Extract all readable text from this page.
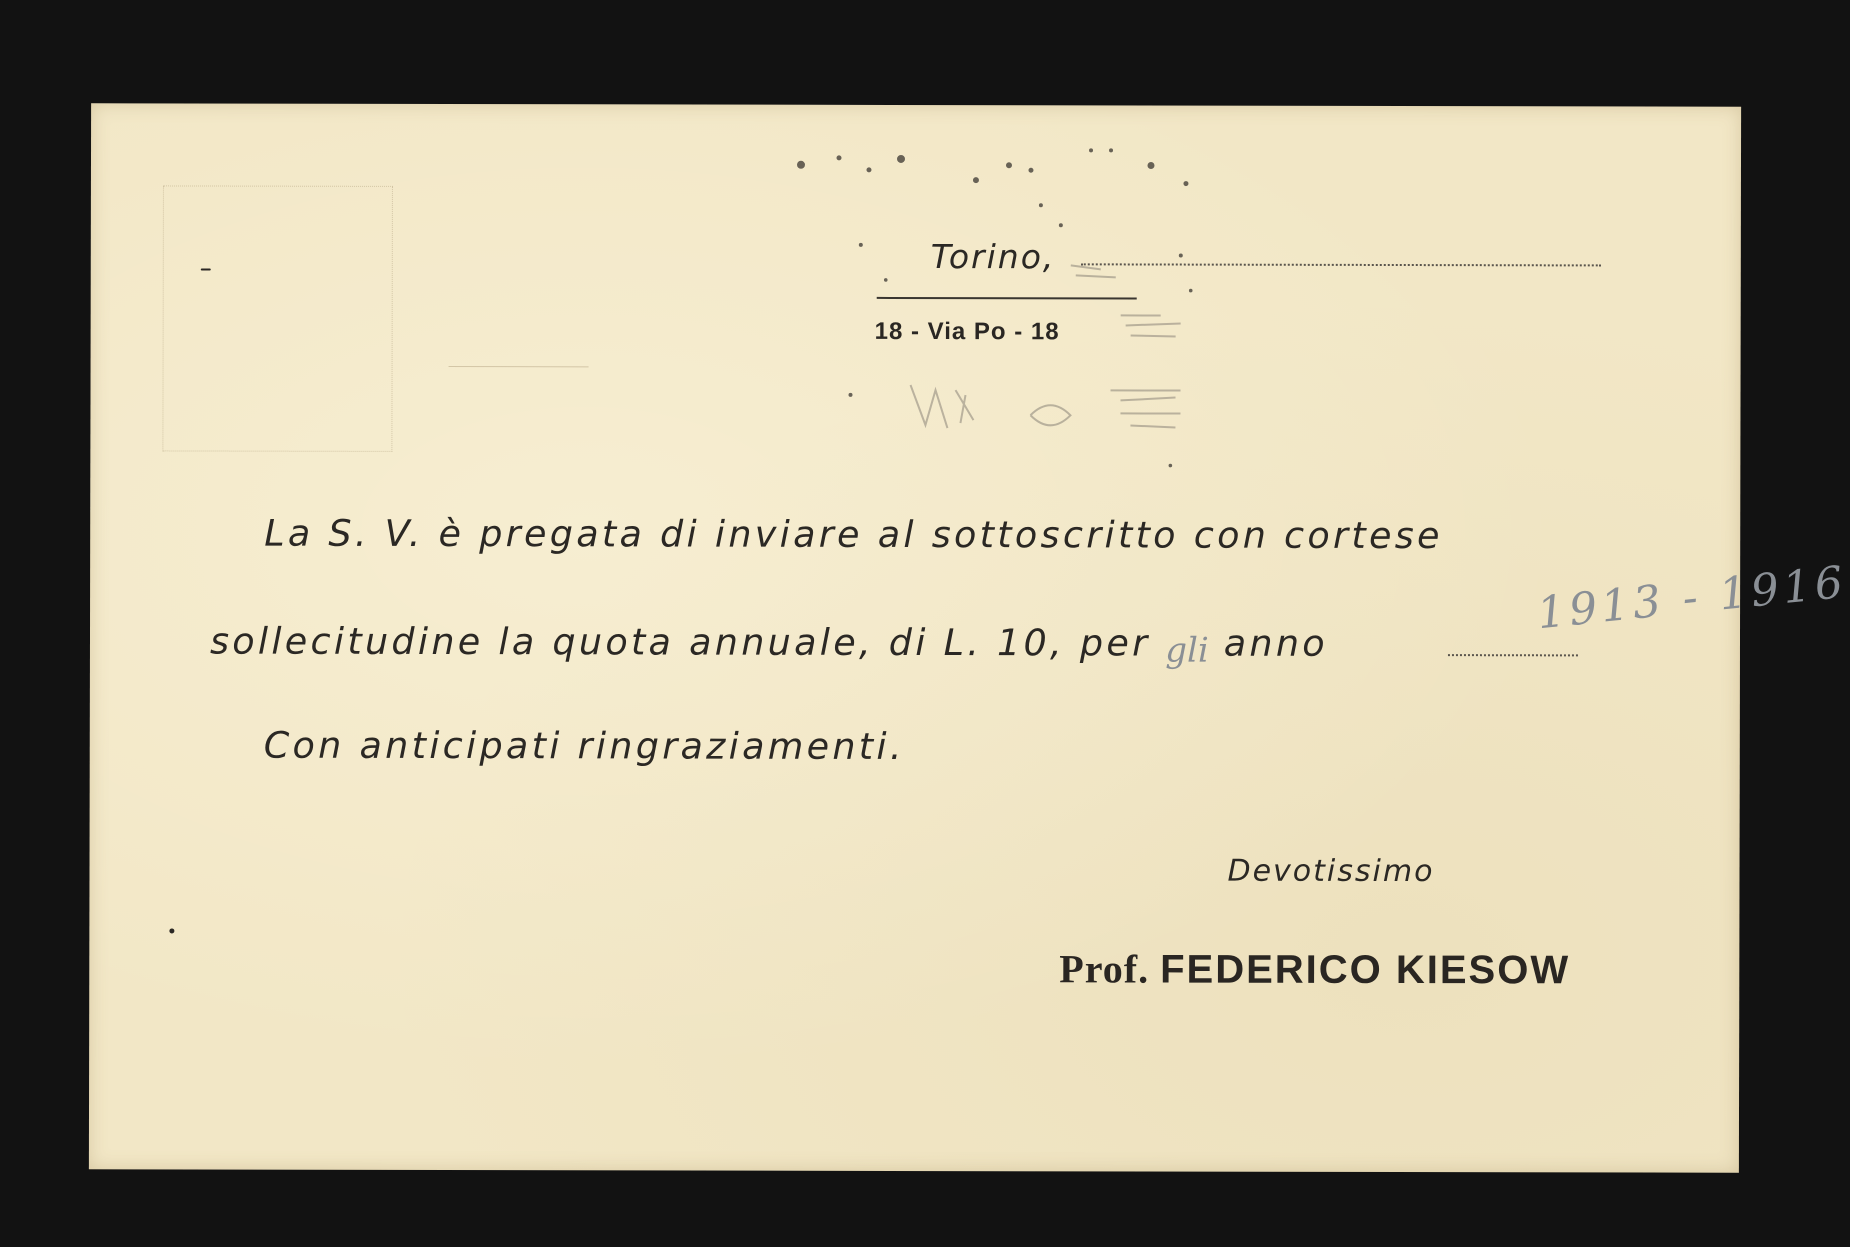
Torino,
18 - Via Po - 18
La S. V. è pregata di inviare al sottoscritto con cortese
sollecitudine la quota annuale, di L. 10, per gli anno
Con anticipati ringraziamenti.
1913 - 1916
Devotissimo
Prof. FEDERICO KIESOW
